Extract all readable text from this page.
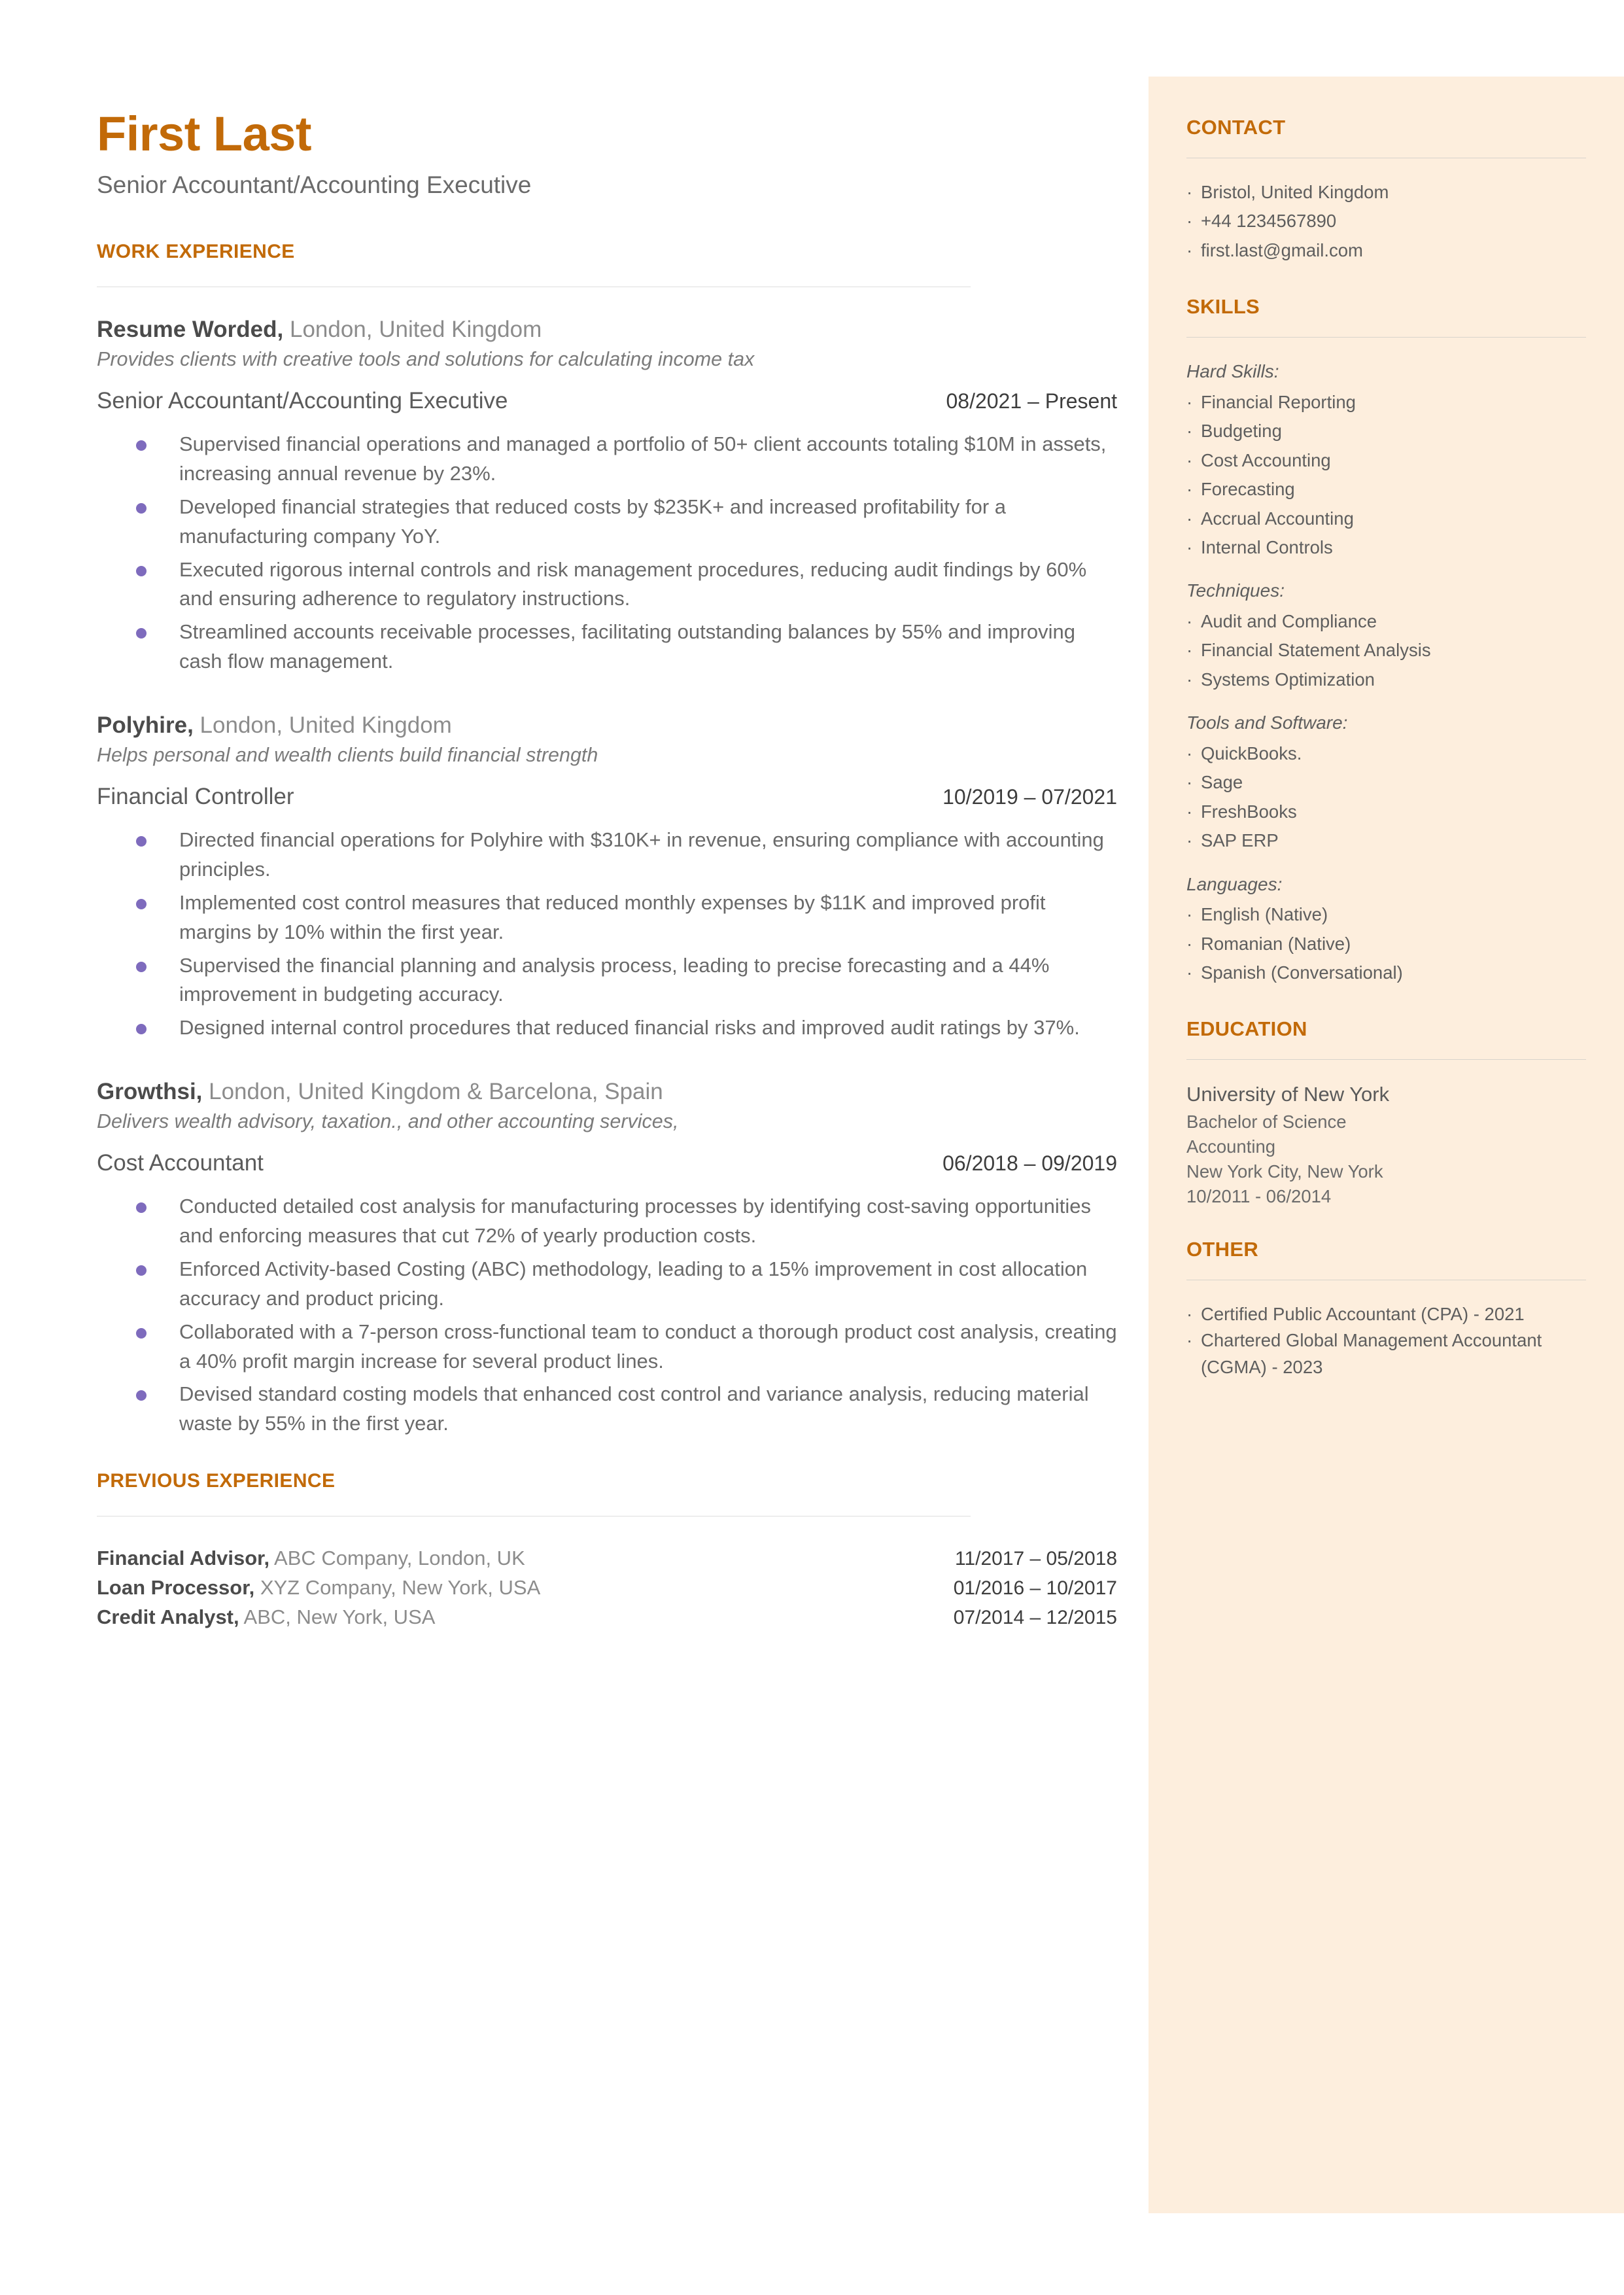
First Last
Senior Accountant/Accounting Executive
WORK EXPERIENCE
Resume Worded, London, United Kingdom
Provides clients with creative tools and solutions for calculating income tax
Senior Accountant/Accounting Executive	08/2021 – Present
Supervised financial operations and managed a portfolio of 50+ client accounts totaling $10M in assets, increasing annual revenue by 23%.
Developed financial strategies that reduced costs by $235K+ and increased profitability for a manufacturing company YoY.
Executed rigorous internal controls and risk management procedures, reducing audit findings by 60% and ensuring adherence to regulatory instructions.
Streamlined accounts receivable processes, facilitating outstanding balances by 55% and improving cash flow management.
Polyhire, London, United Kingdom
Helps personal and wealth clients build financial strength
Financial Controller	10/2019 – 07/2021
Directed financial operations for Polyhire with $310K+ in revenue, ensuring compliance with accounting principles.
Implemented cost control measures that reduced monthly expenses by $11K and improved profit margins by 10% within the first year.
Supervised the financial planning and analysis process, leading to precise forecasting and a 44% improvement in budgeting accuracy.
Designed internal control procedures that reduced financial risks and improved audit ratings by 37%.
Growthsi, London, United Kingdom & Barcelona, Spain
Delivers wealth advisory, taxation., and other accounting services,
Cost Accountant	06/2018 – 09/2019
Conducted detailed cost analysis for manufacturing processes by identifying cost-saving opportunities and enforcing measures that cut 72% of yearly production costs.
Enforced Activity-based Costing (ABC) methodology, leading to a 15% improvement in cost allocation accuracy and product pricing.
Collaborated with a 7-person cross-functional team to conduct a thorough product cost analysis, creating a 40% profit margin increase for several product lines.
Devised standard costing models that enhanced cost control and variance analysis, reducing material waste by 55% in the first year.
PREVIOUS EXPERIENCE
Financial Advisor, ABC Company, London, UK	11/2017 – 05/2018
Loan Processor, XYZ Company, New York, USA	01/2016 – 10/2017
Credit Analyst, ABC, New York, USA	07/2014 – 12/2015
CONTACT
· Bristol, United Kingdom
· +44 1234567890
· first.last@gmail.com
SKILLS
Hard Skills:
· Financial Reporting
· Budgeting
· Cost Accounting
· Forecasting
· Accrual Accounting
· Internal Controls
Techniques:
· Audit and Compliance
· Financial Statement Analysis
· Systems Optimization
Tools and Software:
· QuickBooks.
· Sage
· FreshBooks
· SAP ERP
Languages:
· English (Native)
· Romanian (Native)
· Spanish (Conversational)
EDUCATION
University of New York
Bachelor of Science
Accounting
New York City, New York
10/2011 - 06/2014
OTHER
· Certified Public Accountant (CPA) - 2021
· Chartered Global Management Accountant (CGMA) - 2023
